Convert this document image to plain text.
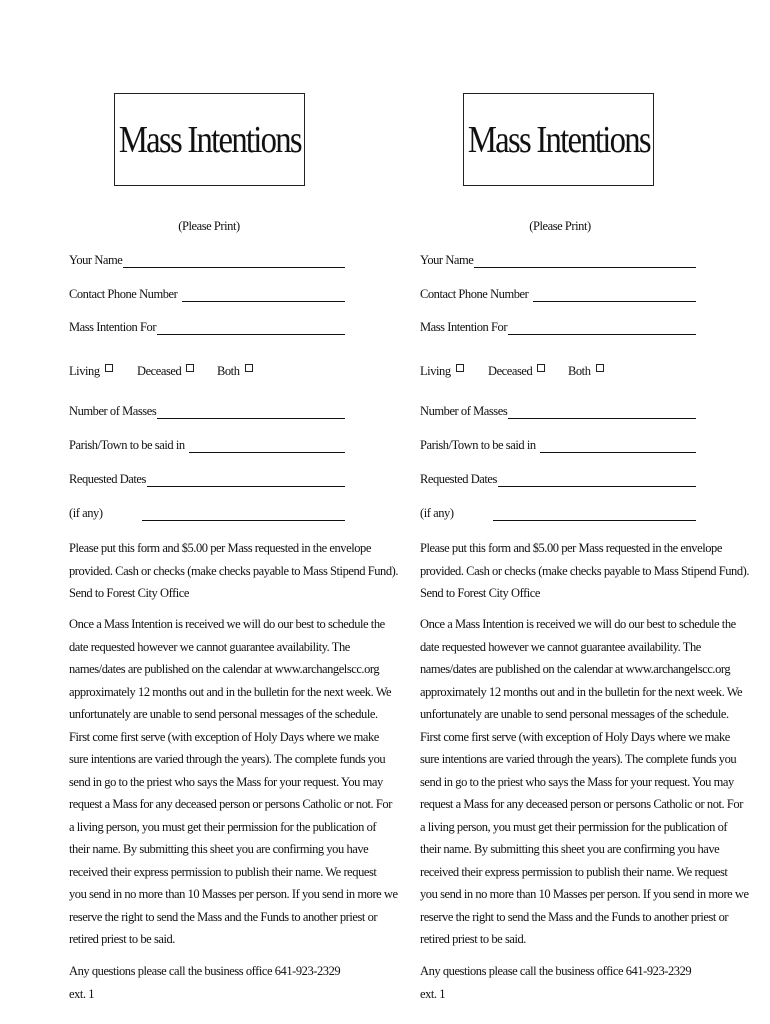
Mass Intentions
(Please Print)
Your Name
Contact Phone Number
Mass Intention For
Living	Deceased	Both
Number of Masses
Parish/Town to be said in
Requested Dates
(if any)
Please put this form and $5.00 per Mass requested in the envelope
provided. Cash or checks (make checks payable to Mass Stipend Fund).
Send to Forest City Office
Once a Mass Intention is received we will do our best to schedule the
date requested however we cannot guarantee availability. The
names/dates are published on the calendar at www.archangelscc.org
approximately 12 months out and in the bulletin for the next week. We
unfortunately are unable to send personal messages of the schedule.
First come first serve (with exception of Holy Days where we make
sure intentions are varied through the years). The complete funds you
send in go to the priest who says the Mass for your request. You may
request a Mass for any deceased person or persons Catholic or not. For
a living person, you must get their permission for the publication of
their name. By submitting this sheet you are confirming you have
received their express permission to publish their name. We request
you send in no more than 10 Masses per person. If you send in more we
reserve the right to send the Mass and the Funds to another priest or
retired priest to be said.
Any questions please call the business office 641-923-2329 ext. 1
Mass Intentions
(Please Print)
Your Name
Contact Phone Number
Mass Intention For
Living	Deceased	Both
Number of Masses
Parish/Town to be said in
Requested Dates
(if any)
Please put this form and $5.00 per Mass requested in the envelope
provided. Cash or checks (make checks payable to Mass Stipend Fund).
Send to Forest City Office
Once a Mass Intention is received we will do our best to schedule the
date requested however we cannot guarantee availability. The
names/dates are published on the calendar at www.archangelscc.org
approximately 12 months out and in the bulletin for the next week. We
unfortunately are unable to send personal messages of the schedule.
First come first serve (with exception of Holy Days where we make
sure intentions are varied through the years). The complete funds you
send in go to the priest who says the Mass for your request. You may
request a Mass for any deceased person or persons Catholic or not. For
a living person, you must get their permission for the publication of
their name. By submitting this sheet you are confirming you have
received their express permission to publish their name. We request
you send in no more than 10 Masses per person. If you send in more we
reserve the right to send the Mass and the Funds to another priest or
retired priest to be said.
Any questions please call the business office 641-923-2329 ext. 1
